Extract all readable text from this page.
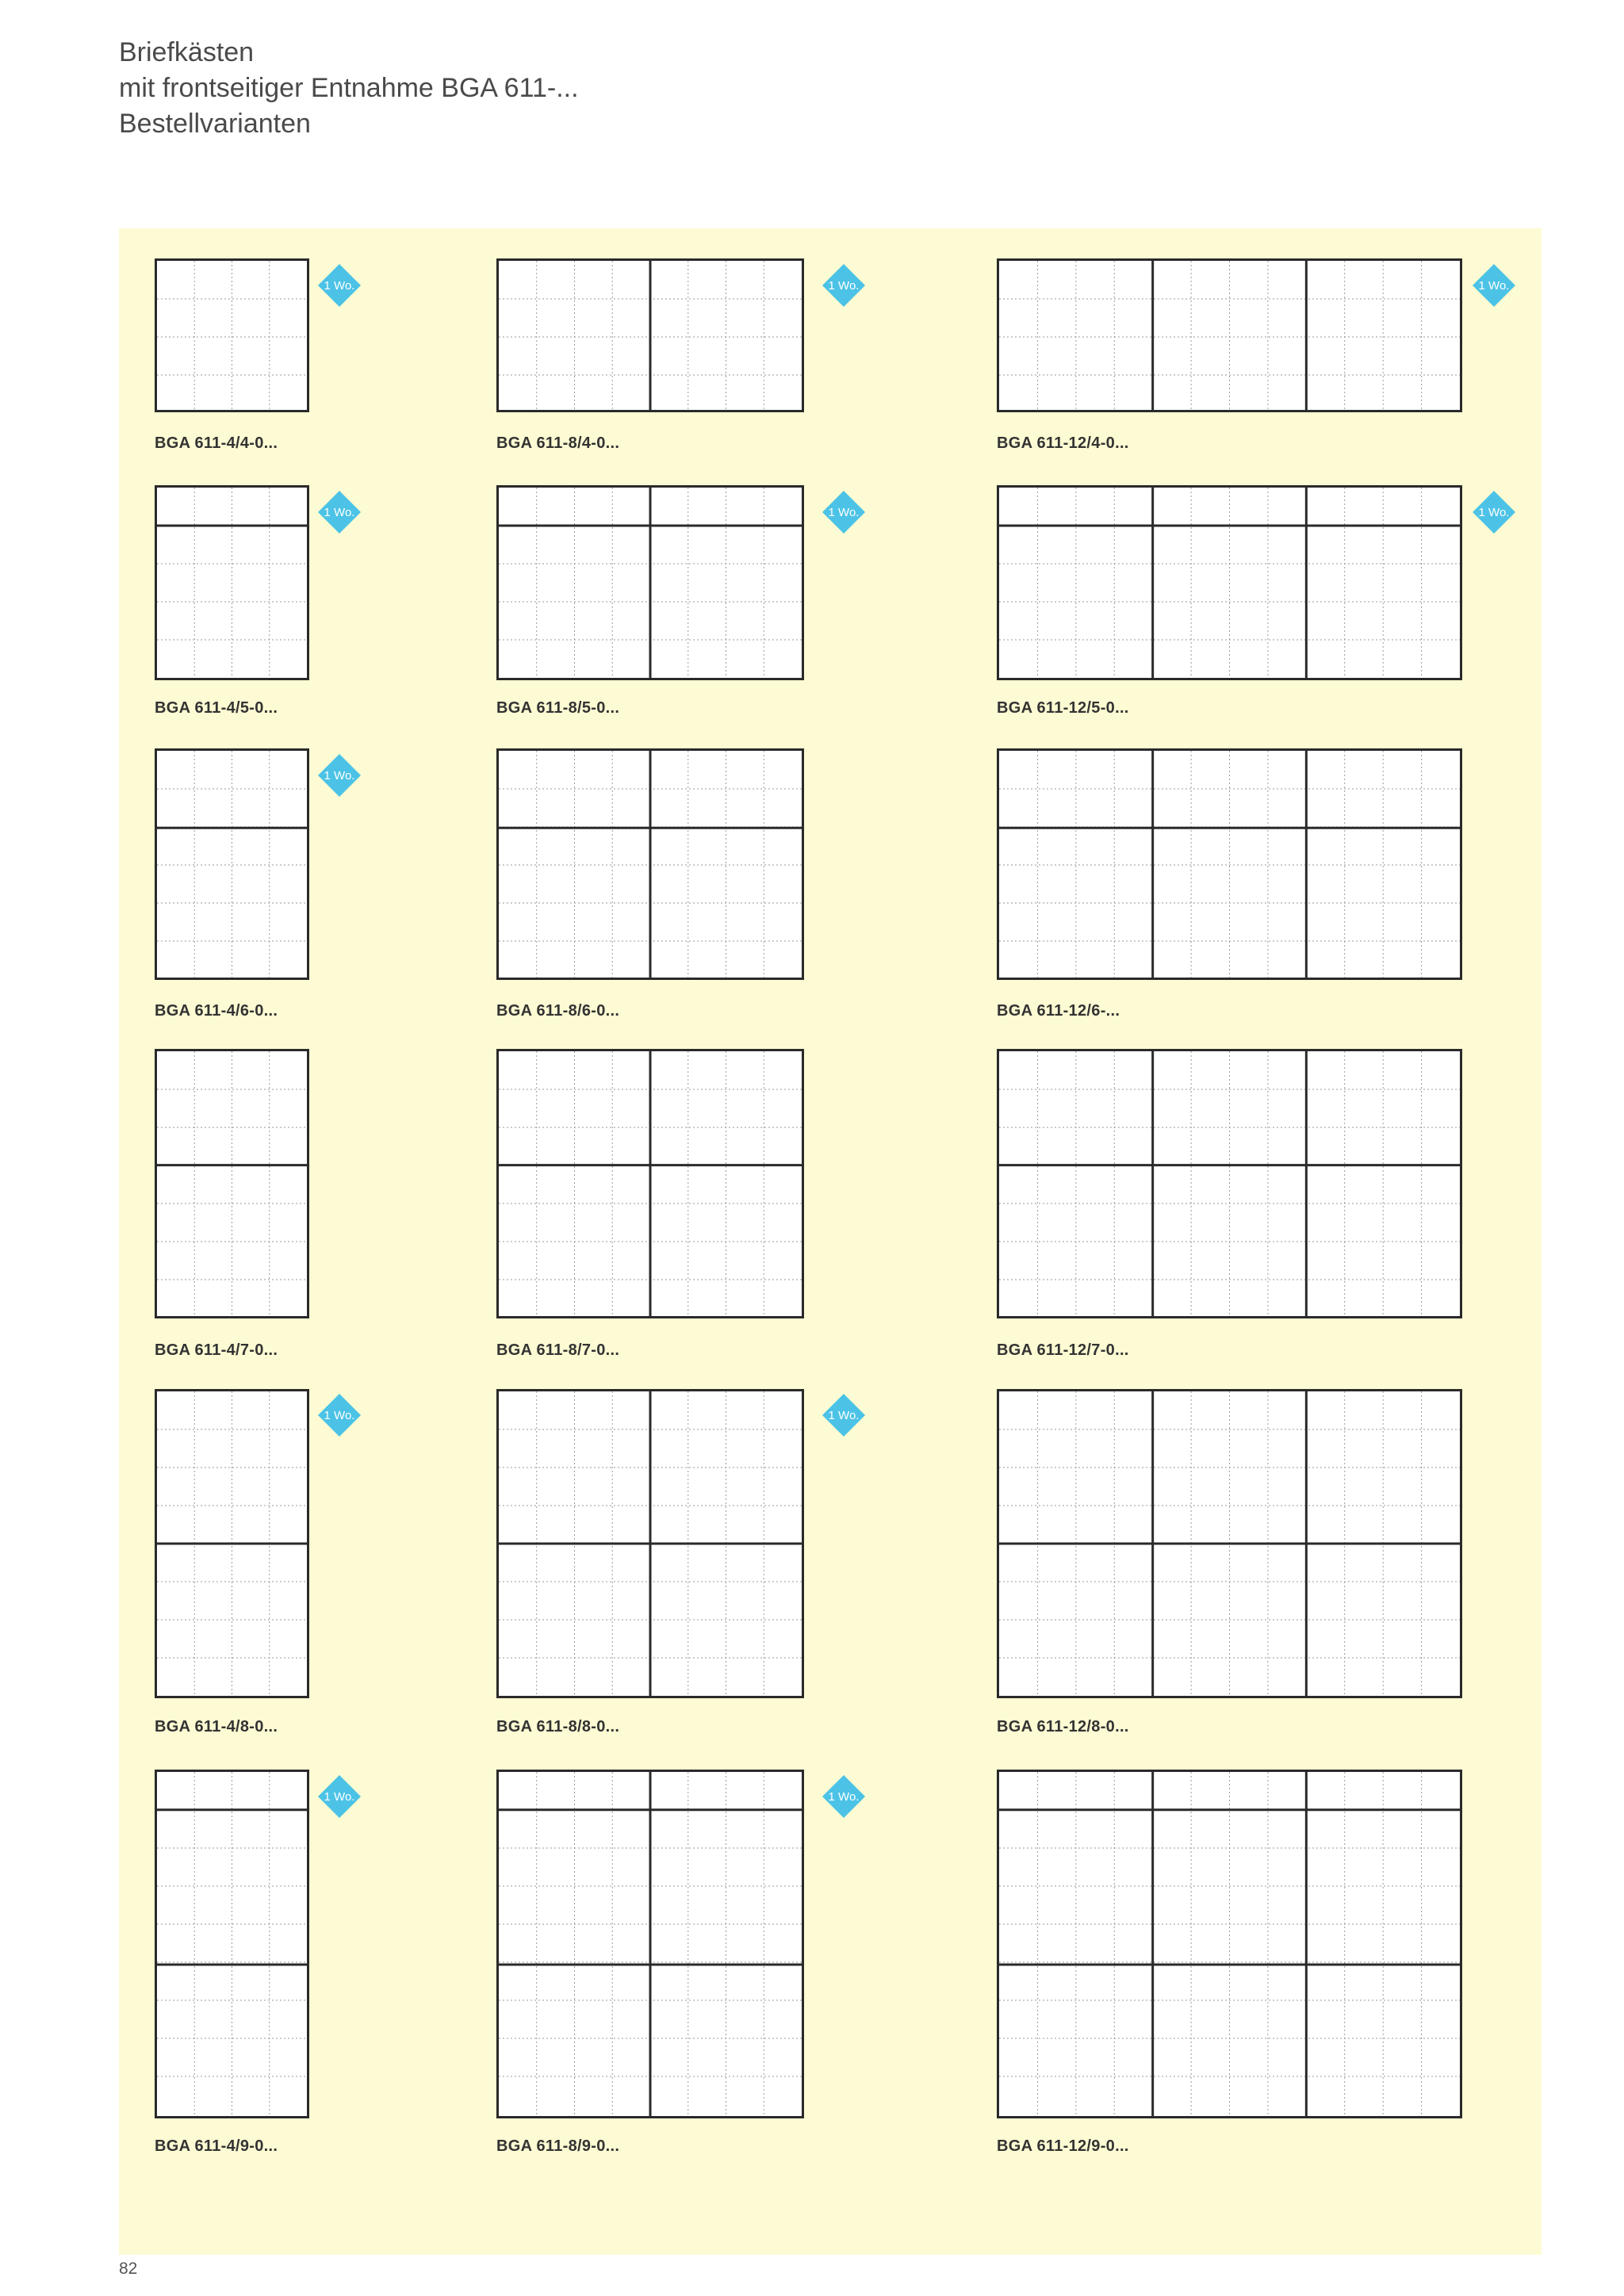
Briefkästen
mit frontseitiger Entnahme BGA 611-...
Bestellvarianten
BGA 611-4/4-0...
1 Wo.
BGA 611-8/4-0...
1 Wo.
BGA 611-12/4-0...
1 Wo.
BGA 611-4/5-0...
1 Wo.
BGA 611-8/5-0...
1 Wo.
BGA 611-12/5-0...
1 Wo.
BGA 611-4/6-0...
1 Wo.
BGA 611-8/6-0...	BGA 611-12/6-...
BGA 611-4/7-0...	BGA 611-8/7-0...	BGA 611-12/7-0...
BGA 611-4/8-0...
1 Wo.
BGA 611-8/8-0...
1 Wo.
BGA 611-12/8-0...
BGA 611-4/9-0...
1 Wo.
BGA 611-8/9-0...
1 Wo.
BGA 611-12/9-0...
82
